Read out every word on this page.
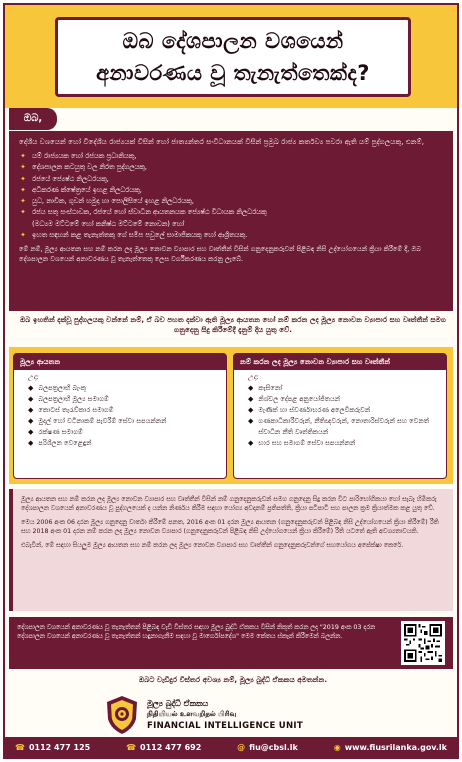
ඔබ දේශපාලන වශයෙන්
අනාවරණය වූ තැනැත්තෙක්ද?
ඔබ,
දේශීය වශයෙන් හෝ විදේශීය රාජ්‍යයක් විසින් හෝ ජාත්‍යන්තර සංවිධානයක් විසින් ප්‍රමුඛ රාජ්‍ය කර්තව්‍ය පවරා ඇති යම් පුද්ගලයකු, එනම්,
✦ යම් රාජ්‍යයක හෝ රජයක ප්‍රධානියකු,
✦ දේශපාලන කටයුතු වල නිරත පුද්ගලයකු,
✦ රජයේ ජ්‍යෙෂ්ඨ නිලධරයකු,
✦ අධිකරණ ක්ෂේත්‍රයේ ඉහළ නිලධරයකු,
✦ යුධ, නාවික, ගුවන් හමුදා හා පොලිසියේ ඉහළ නිලධරයකු,
✦ රජය සතු සංස්ථාවක, රජයේ හෝ ස්වාධීන ආයතනයක ජ්‍යෙෂ්ඨ විධායක නිලධරයකු
(මධ්‍යම මට්ටමේ හෝ කනිෂ්ඨ මට්ටමේ නොවන) හෝ
✦ ඉහත සඳහන් කළ තැනැත්තකු ගේ සමීප පවුලේ සාමාජිකයකු හෝ ආශ්‍රිතයකු.
මේ නම්, මූල්‍ය ආයතන සහ නම් කරන ලද මූල්‍ය නොවන ව්‍යාපාර සහ වෘත්තීන් විසින් ගනුදෙනුකරුවන් පිළිබඳ නිසි උද්යෝගයෙන් ක්‍රියා කිරීමේ දී, ඔබ දේශපාලන වශයෙන් අනාවරණය වූ තැනැත්තෙකු ලෙස වර්ගීකරණය කරනු ලැබේ.
ඔබ ඉහතින් දක්වූ පුද්ගලයකු වන්නේ නම්, ඒ බව පහත දක්වා ඇති මූල්‍ය ආයතන හෝ නම් කරන ලද මූල්‍ය නොවන ව්‍යාපාර සහ වෘත්තීන් සමග ගනුදෙනු සිදු කිරීමේදී දැනුම් දිය යුතු වේ.
මූල්‍ය ආයතන
උදා:
◆ බලපත්‍රලාභී බැංකු
◆ බලපත්‍රලාභී මූල්‍ය සමාගම්
◆ කොටස් තැරැව්කාර සමාගම්
◆ මුදල් හෝ වටිනාකම් පැවරීම් සේවා සපයන්නන්
◆ රක්ෂණ සමාගම්
◆ පරිශීලන වෙළෙඳුන්
නම් කරන ලද මූල්‍ය නොවන ව්‍යාපාර සහ වෘත්තීන්
උදා:
◆ කැසිනෝ
◆ නිශ්චල දේපළ අනුයෝජිතයන්
◆ මැණික් හා ස්වර්ණාභරණ අලෙවිකරුවන්
◆ ගණකාධිකාරීවරුන්, නීතිඥවරුන්, නොතාරිස්වරුන් සහ වෙනත් ස්වාධීන නීති වෘත්තිකයන්
◆ භාර සහ සමාගම් සේවා සපයන්නන්

මූල්‍ය ආයතන සහ නම් කරන ලද මූල්‍ය නොවන ව්‍යාපාර සහ වෘත්තීන් විසින් නම් ගනුදෙනුකරුවන් සමග ගනුදෙනු සිදු කරන විට පාරිභෝගිකයා හෝ සැබෑ හිමිකරු දේශපාලන වශයෙන් අනාවරණය වූ පුද්ගලයෙක් ද යන්න නිර්ණය කිරීම සඳහා යෝග්‍ය අවදානම් ප්‍රතිපත්ති, ක්‍රියා පටිපාටි සහ පාලන ක්‍රම ක්‍රියාත්මක කළ යුතු වේ.

මෙය 2006 අංක 06 දරන මූල්‍ය ගනුදෙනු වාර්තා කිරීමේ පනත, 2016 අංක 01 දරන මූල්‍ය ආයතන (ගනුදෙනුකරුවන් පිළිබඳ නිසි උද්යෝගයෙන් ක්‍රියා කිරීමේ) රීති සහ 2018 අංක 01 දරන නම් කරන ලද මූල්‍ය නොවන ව්‍යාපාර (ගනුදෙනුකරුවන් පිළිබඳ නිසි උද්යෝගයෙන් ක්‍රියා කිරීමේ) රීති යටතේ ඇති අවශ්‍යතාවයකි.

එබැවින්, මේ සඳහා සියලුම මූල්‍ය ආයතන සහ නම් කරන ලද මූල්‍ය නොවන ව්‍යාපාර සහ වෘත්තීන් ගනුදෙනුකරුවන්ගේ සහයෝගය අපේක්ෂා කෙරේ.

දේශපාලන වශයෙන් අනාවරණය වූ තැනැත්තන් පිළිබඳ වැඩි විස්තර සඳහා මූල්‍ය බුද්ධි ඒකකය විසින් නිකුත් කරන ලද "2019 අංක 03 දරන දේශපාලන වශයෙන් අනාවරණය වූ තැනැත්තන් හඳුනාගැනීම සඳහා වූ මාර්ගෝපදේශ" මෙම කේතය ස්කෑන් කිරීමෙන් බලන්න.
ඔබට වැඩිදුර විස්තර අවශ්‍ය නම්, මූල්‍ය බුද්ධි ඒකකය අමතන්න.
මූල්‍ය බුද්ධි ඒකකය
நிதியியல் உளவறிதல் பிரிவு
FINANCIAL INTELLIGENCE UNIT
☎ 0112 477 125	☎ 0112 477 692	@ fiu@cbsl.lk	◉ www.fiusrilanka.gov.lk
